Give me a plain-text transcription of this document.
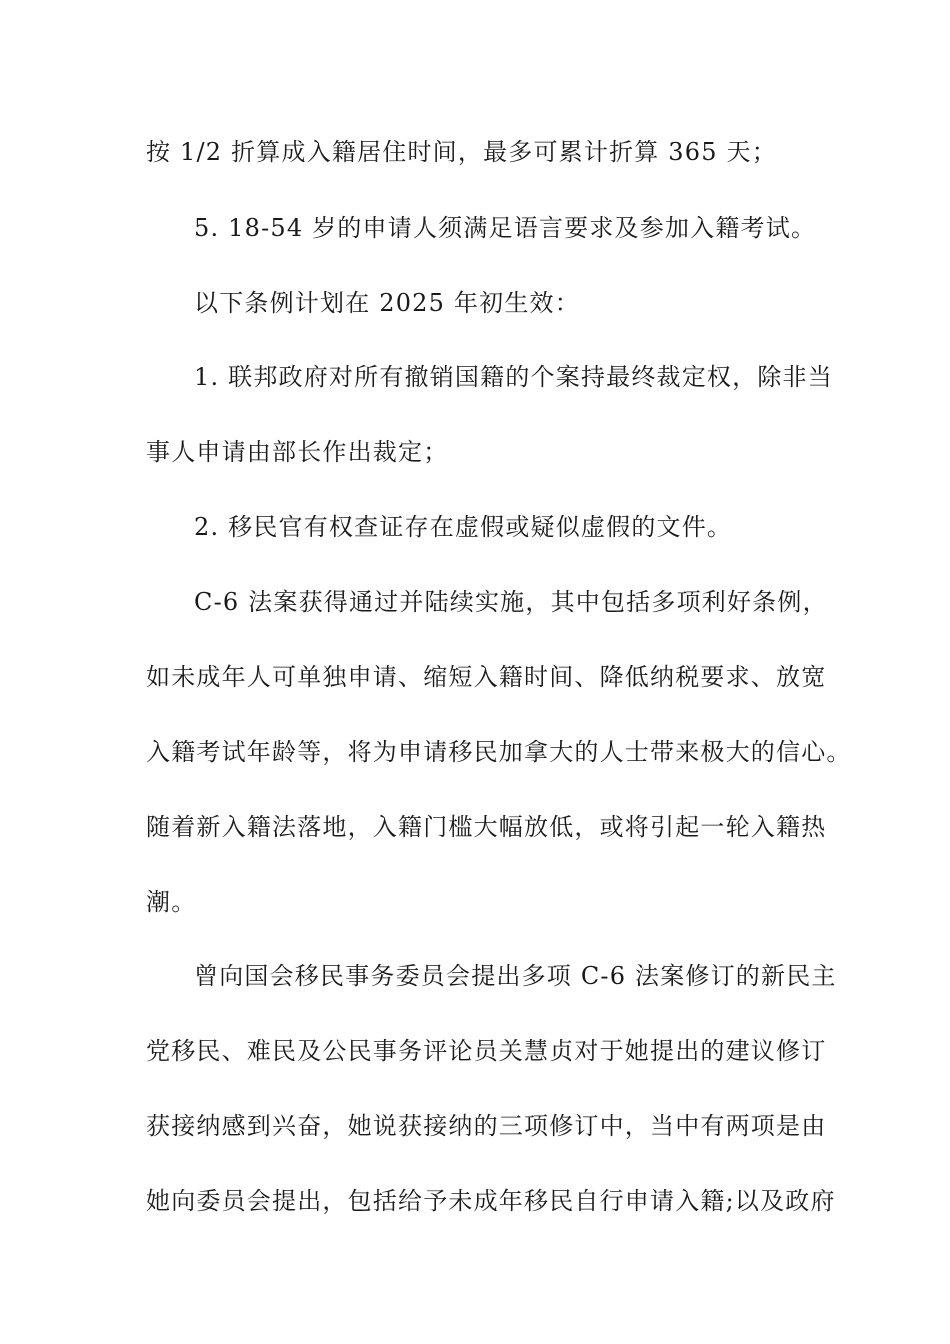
按 1/2 折算成入籍居住时间，最多可累计折算 365 天；
5. 18-54 岁的申请人须满足语言要求及参加入籍考试。
以下条例计划在 2025 年初生效：
1. 联邦政府对所有撤销国籍的个案持最终裁定权，除非当
事人申请由部长作出裁定；
2. 移民官有权查证存在虚假或疑似虚假的文件。
C-6 法案获得通过并陆续实施，其中包括多项利好条例，
如未成年人可单独申请、缩短入籍时间、降低纳税要求、放宽
入籍考试年龄等，将为申请移民加拿大的人士带来极大的信心。
随着新入籍法落地，入籍门槛大幅放低，或将引起一轮入籍热
潮。
曾向国会移民事务委员会提出多项 C-6 法案修订的新民主
党移民、难民及公民事务评论员关慧贞对于她提出的建议修订
获接纳感到兴奋，她说获接纳的三项修订中，当中有两项是由
她向委员会提出，包括给予未成年移民自行申请入籍;以及政府
